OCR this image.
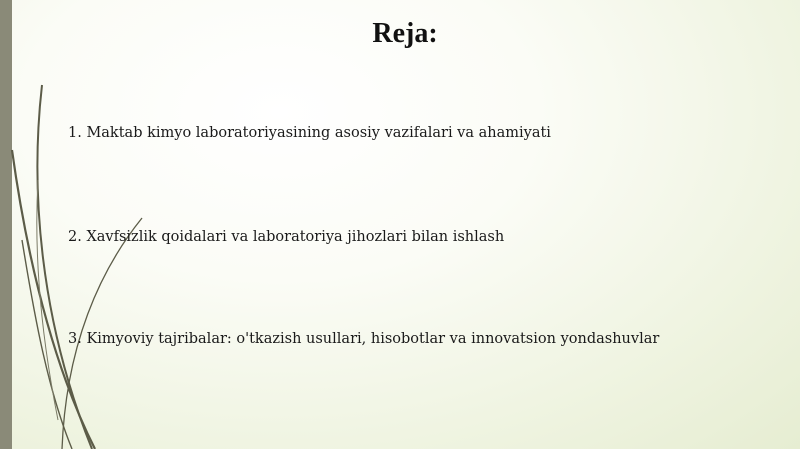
Reja:
1. Maktab kimyo laboratoriyasining asosiy vazifalari va ahamiyati
2. Xavfsizlik qoidalari va laboratoriya jihozlari bilan ishlash
3. Kimyoviy tajribalar: o'tkazish usullari, hisobotlar va innovatsion yondashuvlar
